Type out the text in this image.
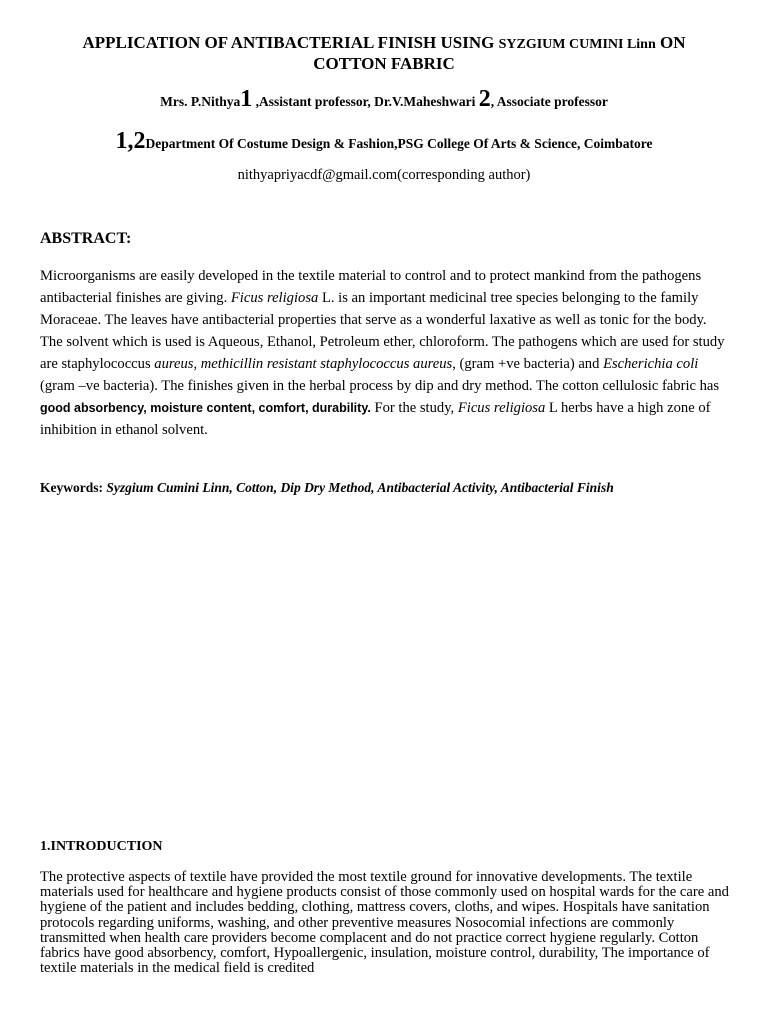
APPLICATION OF ANTIBACTERIAL FINISH USING SYZGIUM CUMINI Linn ON
COTTON FABRIC
Mrs. P.Nithya1 ,Assistant professor, Dr.V.Maheshwari 2, Associate professor
1,2Department Of Costume Design & Fashion,PSG College Of Arts & Science, Coimbatore
nithyapriyacdf@gmail.com(corresponding author)
ABSTRACT:
Microorganisms are easily developed in the textile material to control and to protect mankind from the pathogens antibacterial finishes are giving. Ficus religiosa L. is an important medicinal tree species belonging to the family Moraceae. The leaves have antibacterial properties that serve as a wonderful laxative as well as tonic for the body. The solvent which is used is Aqueous, Ethanol, Petroleum ether, chloroform. The pathogens which are used for study are staphylococcus aureus, methicillin resistant staphylococcus aureus, (gram +ve bacteria) and Escherichia coli (gram –ve bacteria). The finishes given in the herbal process by dip and dry method. The cotton cellulosic fabric has good absorbency, moisture content, comfort, durability. For the study, Ficus religiosa L herbs have a high zone of inhibition in ethanol solvent.
Keywords: Syzgium Cumini Linn, Cotton, Dip Dry Method, Antibacterial Activity, Antibacterial Finish
1.INTRODUCTION
The protective aspects of textile have provided the most textile ground for innovative developments. The textile materials used for healthcare and hygiene products consist of those commonly used on hospital wards for the care and hygiene of the patient and includes bedding, clothing, mattress covers, cloths, and wipes. Hospitals have sanitation protocols regarding uniforms, washing, and other preventive measures Nosocomial infections are commonly transmitted when health care providers become complacent and do not practice correct hygiene regularly. Cotton fabrics have good absorbency, comfort, Hypoallergenic, insulation, moisture control, durability, The importance of textile materials in the medical field is credited
